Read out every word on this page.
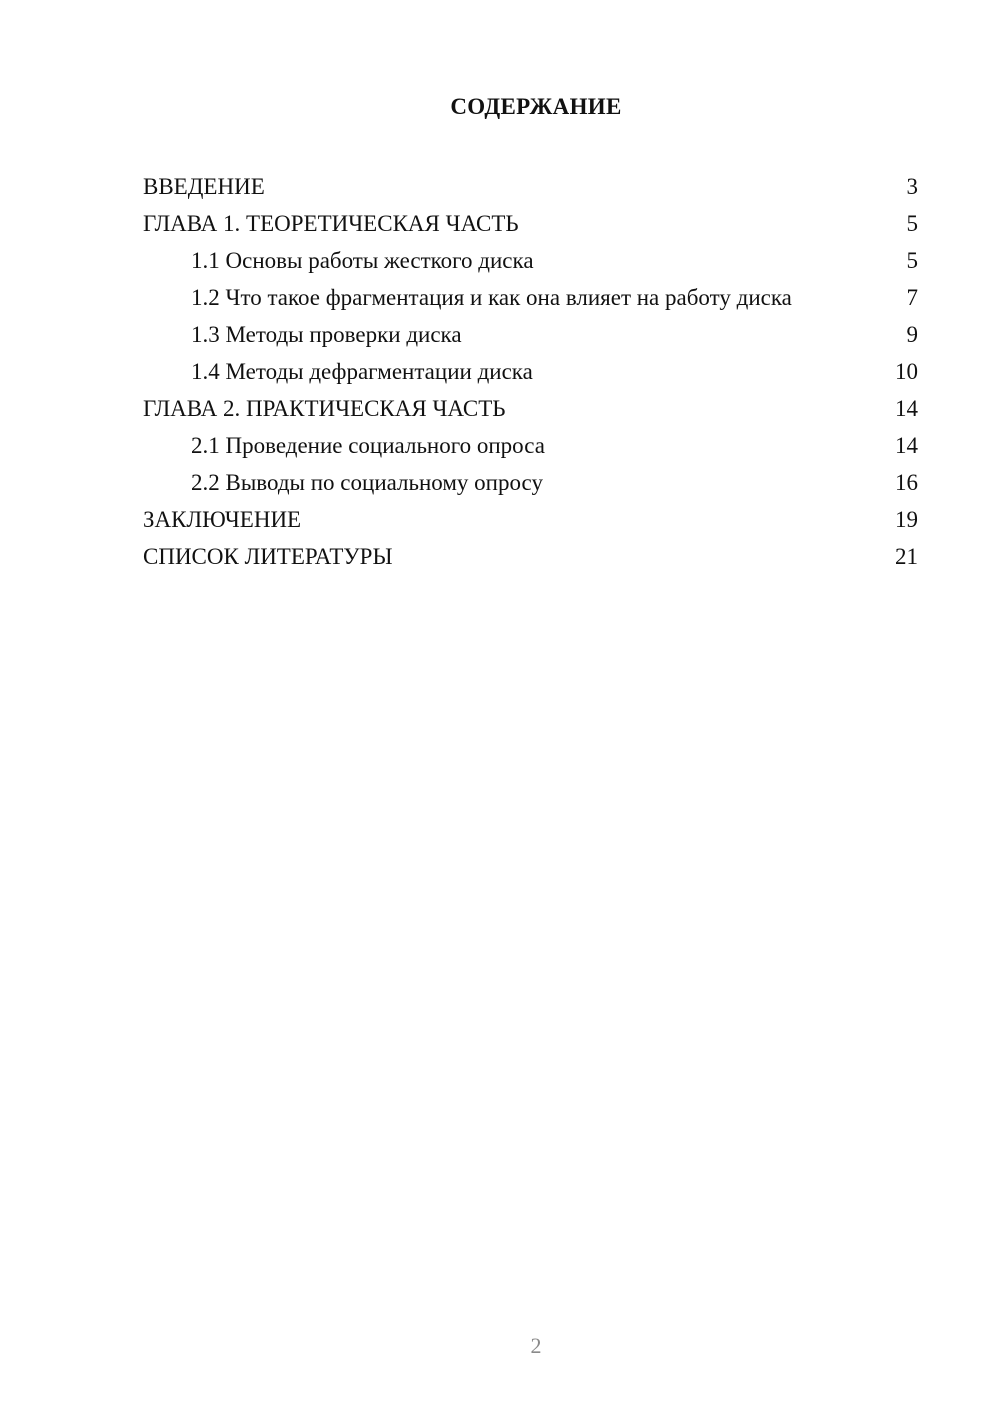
СОДЕРЖАНИЕ
ВВЕДЕНИЕ	3
ГЛАВА 1. ТЕОРЕТИЧЕСКАЯ ЧАСТЬ	5
1.1 Основы работы жесткого диска	5
1.2 Что такое фрагментация и как она влияет на работу диска	7
1.3 Методы проверки диска	9
1.4 Методы дефрагментации диска	10
ГЛАВА 2. ПРАКТИЧЕСКАЯ ЧАСТЬ	14
2.1 Проведение социального опроса	14
2.2 Выводы по социальному опросу	16
ЗАКЛЮЧЕНИЕ	19
СПИСОК ЛИТЕРАТУРЫ	21
2
